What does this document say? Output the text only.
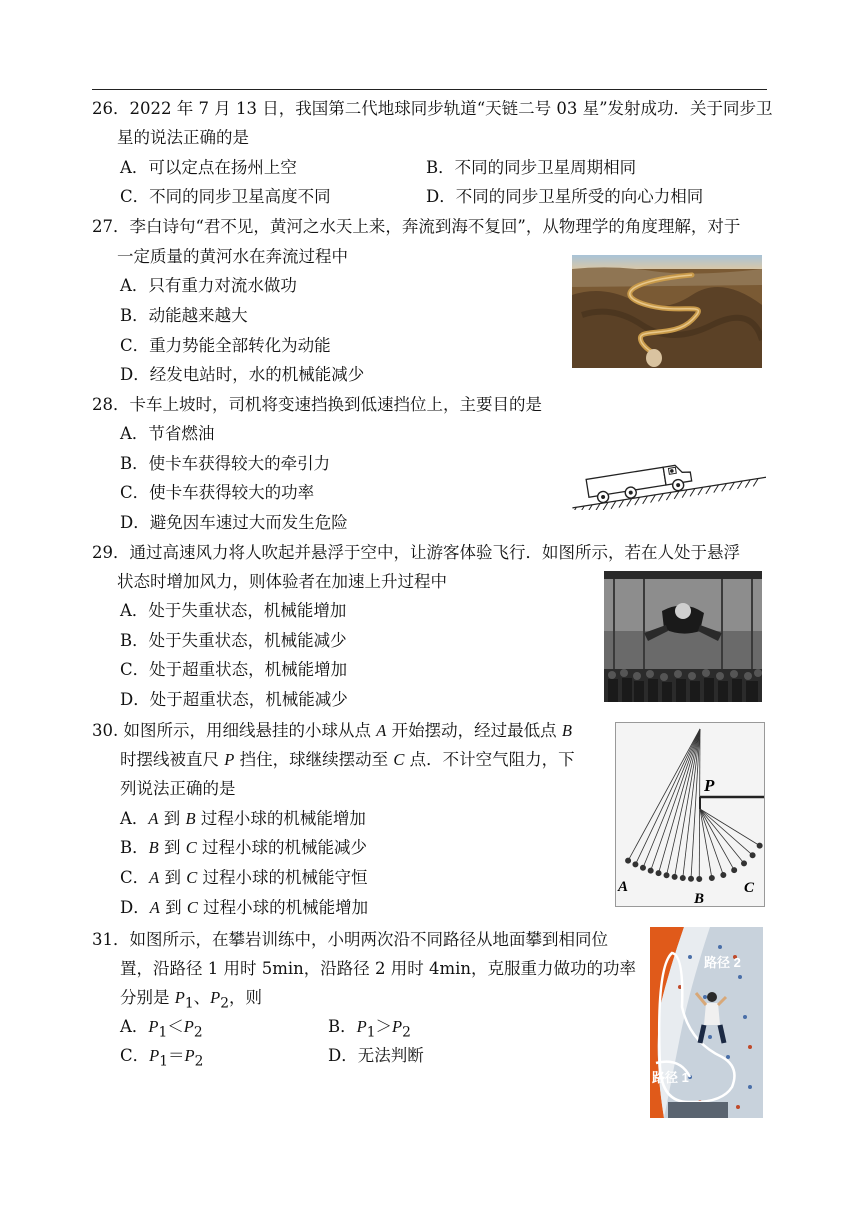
26．2022 年 7 月 13 日，我国第二代地球同步轨道“天链二号 03 星”发射成功．关于同步卫
星的说法正确的是
A．可以定点在扬州上空	B．不同的同步卫星周期相同
C．不同的同步卫星高度不同	D．不同的同步卫星所受的向心力相同
27．李白诗句“君不见，黄河之水天上来，奔流到海不复回”，从物理学的角度理解，对于
一定质量的黄河水在奔流过程中
A．只有重力对流水做功
B．动能越来越大
C．重力势能全部转化为动能
D．经发电站时，水的机械能减少
28．卡车上坡时，司机将变速挡换到低速挡位上，主要目的是
A．节省燃油
B．使卡车获得较大的牵引力
C．使卡车获得较大的功率
D．避免因车速过大而发生危险
29．通过高速风力将人吹起并悬浮于空中，让游客体验飞行．如图所示，若在人处于悬浮
状态时增加风力，则体验者在加速上升过程中
A．处于失重状态，机械能增加
B．处于失重状态，机械能减少
C．处于超重状态，机械能增加
D．处于超重状态，机械能减少
30. 如图所示，用细线悬挂的小球从点 A 开始摆动，经过最低点 B
时摆线被直尺 P 挡住，球继续摆动至 C 点．不计空气阻力，下
列说法正确的是
A．A 到 B 过程小球的机械能增加
B．B 到 C 过程小球的机械能减少
C．A 到 C 过程小球的机械能守恒
D．A 到 C 过程小球的机械能增加
P
A
B
C
31．如图所示，在攀岩训练中，小明两次沿不同路径从地面攀到相同位
置，沿路径 1 用时 5min，沿路径 2 用时 4min，克服重力做功的功率
分别是 $P_1$、$P_2$，则
A．$P_1<P_2$	B．$P_1>P_2$
C．$P_1=P_2$	D．无法判断
路径 2
路径 1
